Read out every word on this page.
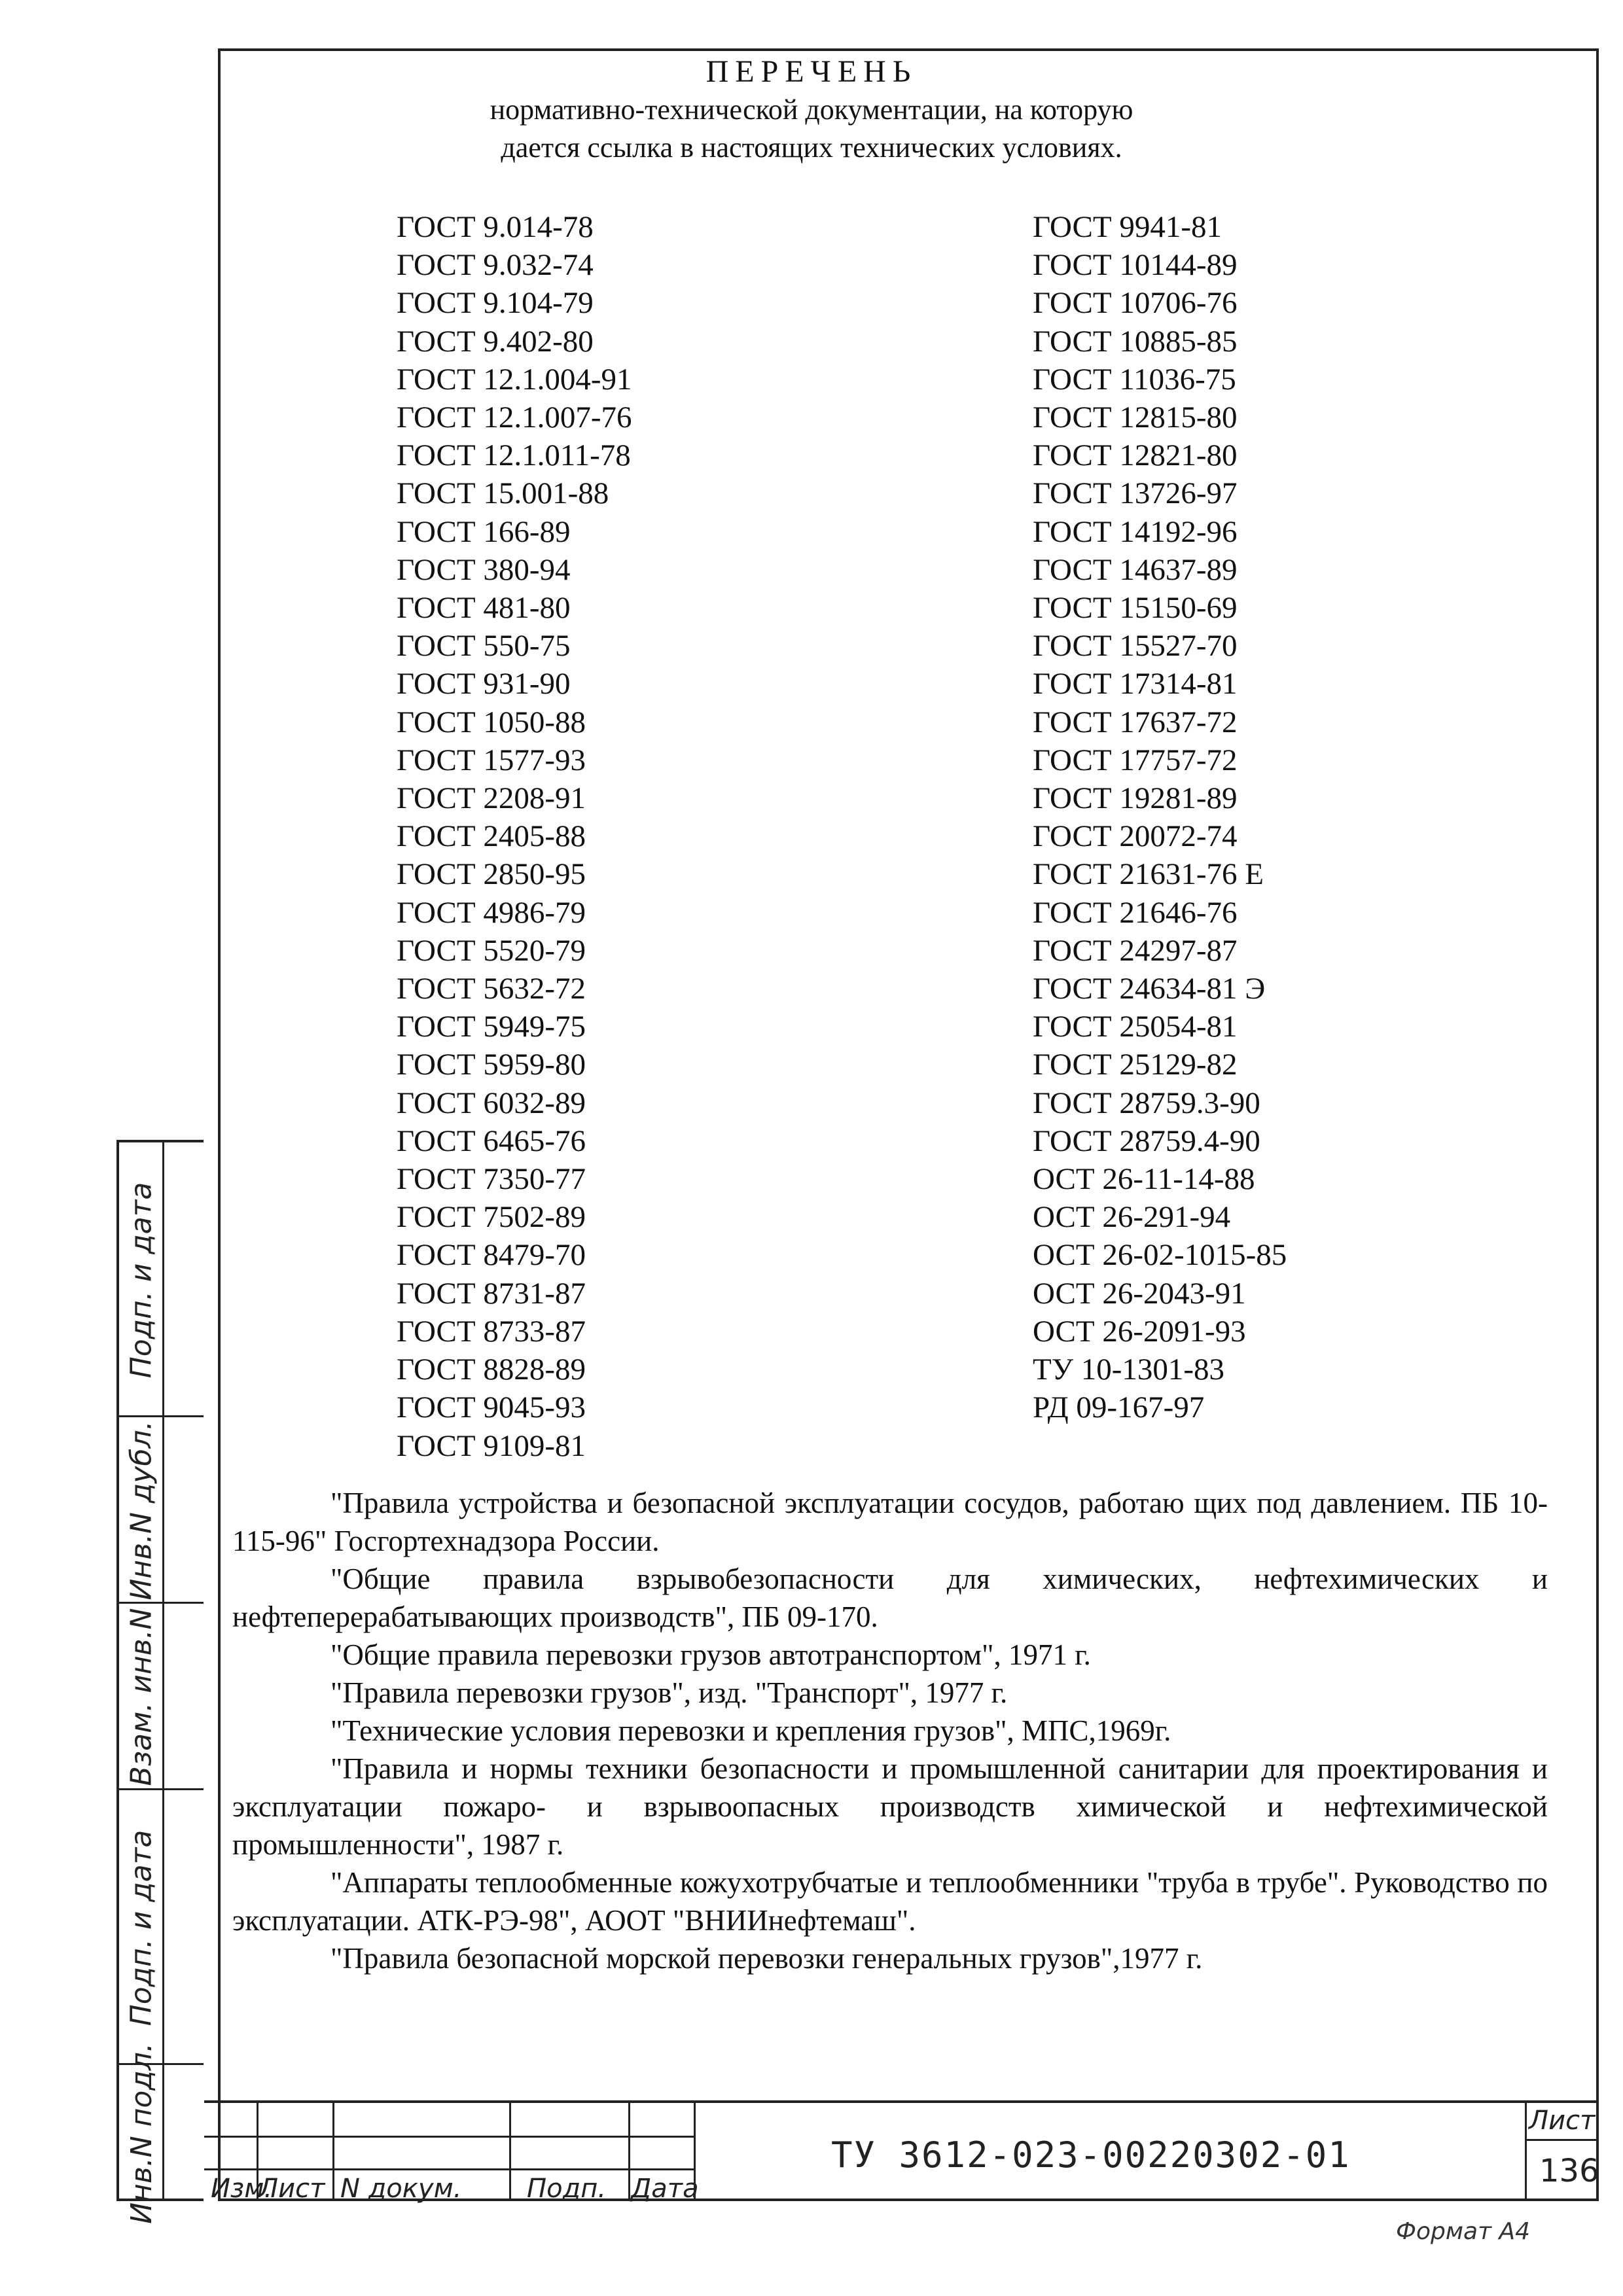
Подп. и дата
Инв.N дубл.
Взам. инв.N
Подп. и дата
Инв.N подл.
ПЕРЕЧЕНЬ
нормативно-технической документации, на которую
дается ссылка в настоящих технических условиях.
ГОСТ 9.014-78
ГОСТ 9.032-74
ГОСТ 9.104-79
ГОСТ 9.402-80
ГОСТ 12.1.004-91
ГОСТ 12.1.007-76
ГОСТ 12.1.011-78
ГОСТ 15.001-88
ГОСТ 166-89
ГОСТ 380-94
ГОСТ 481-80
ГОСТ 550-75
ГОСТ 931-90
ГОСТ 1050-88
ГОСТ 1577-93
ГОСТ 2208-91
ГОСТ 2405-88
ГОСТ 2850-95
ГОСТ 4986-79
ГОСТ 5520-79
ГОСТ 5632-72
ГОСТ 5949-75
ГОСТ 5959-80
ГОСТ 6032-89
ГОСТ 6465-76
ГОСТ 7350-77
ГОСТ 7502-89
ГОСТ 8479-70
ГОСТ 8731-87
ГОСТ 8733-87
ГОСТ 8828-89
ГОСТ 9045-93
ГОСТ 9109-81
ГОСТ 9941-81
ГОСТ 10144-89
ГОСТ 10706-76
ГОСТ 10885-85
ГОСТ 11036-75
ГОСТ 12815-80
ГОСТ 12821-80
ГОСТ 13726-97
ГОСТ 14192-96
ГОСТ 14637-89
ГОСТ 15150-69
ГОСТ 15527-70
ГОСТ 17314-81
ГОСТ 17637-72
ГОСТ 17757-72
ГОСТ 19281-89
ГОСТ 20072-74
ГОСТ 21631-76 Е
ГОСТ 21646-76
ГОСТ 24297-87
ГОСТ 24634-81 Э
ГОСТ 25054-81
ГОСТ 25129-82
ГОСТ 28759.3-90
ГОСТ 28759.4-90
ОСТ 26-11-14-88
ОСТ 26-291-94
ОСТ 26-02-1015-85
ОСТ 26-2043-91
ОСТ 26-2091-93
ТУ 10-1301-83
РД 09-167-97

"Правила устройства и безопасной эксплуатации сосудов, работаю щих под давлением. ПБ 10-115-96" Госгортехнадзора России.

"Общие правила взрывобезопасности для химических, нефтехимических и нефтеперерабатывающих производств", ПБ 09-170.

"Общие правила перевозки грузов автотранспортом", 1971 г.

"Правила перевозки грузов", изд. "Транспорт", 1977 г.

"Технические условия перевозки и крепления грузов", МПС,1969г.

"Правила и нормы техники безопасности и промышленной санитарии для проектирования и эксплуатации пожаро- и взрывоопасных производств химической и нефтехимической промышленности", 1987 г.

"Аппараты теплообменные кожухотрубчатые и теплообменники "труба в трубе". Руководство по эксплуатации. АТК-РЭ-98", АООТ "ВНИИнефтемаш".

"Правила безопасной морской перевозки генеральных грузов",1977 г.

Изм.
Лист N докум. Подп. Дата
ТУ 3612-023-00220302-01
Лист
136
Формат А4
